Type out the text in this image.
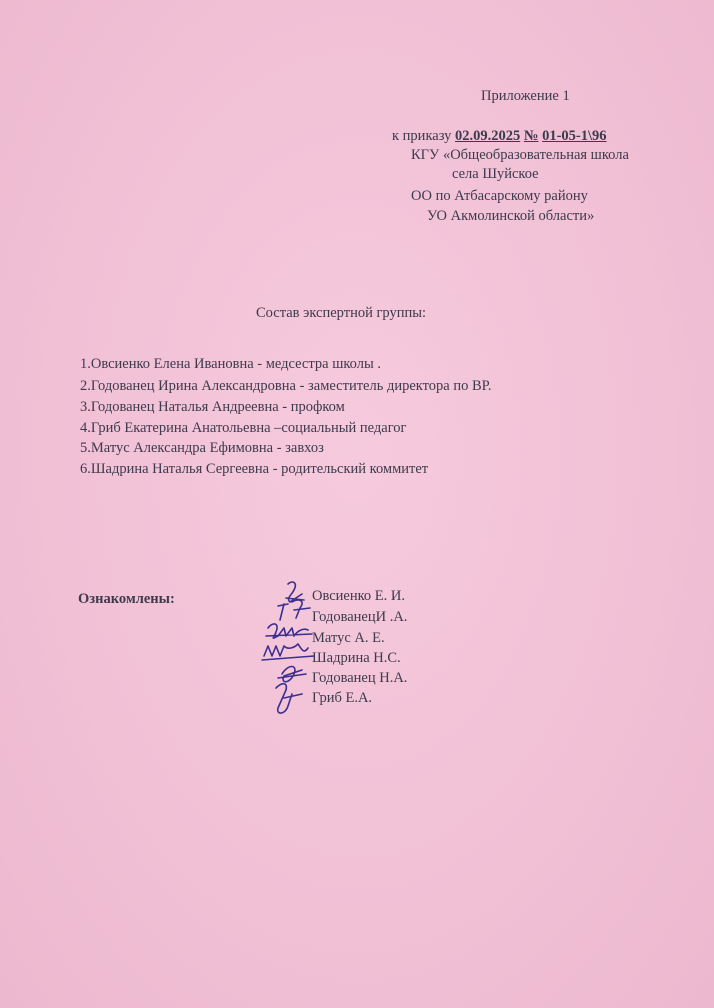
Приложение 1
к приказу 02.09.2025 № 01-05-1\96
КГУ «Общеобразовательная школа
села Шуйское
ОО по Атбасарскому району
УО Акмолинской области»
Состав экспертной группы:
1.Овсиенко Елена Ивановна - медсестра школы .
2.Годованец Ирина Александровна - заместитель директора по ВР.
3.Годованец Наталья Андреевна - профком
4.Гриб Екатерина Анатольевна –социальный педагог
5.Матус Александра Ефимовна - завхоз
6.Шадрина Наталья Сергеевна - родительский коммитет
Ознакомлены:	Овсиенко Е. И.
ГодованецИ .А.
Матус А. Е.
Шадрина Н.С.
Годованец Н.А.
Гриб Е.А.
